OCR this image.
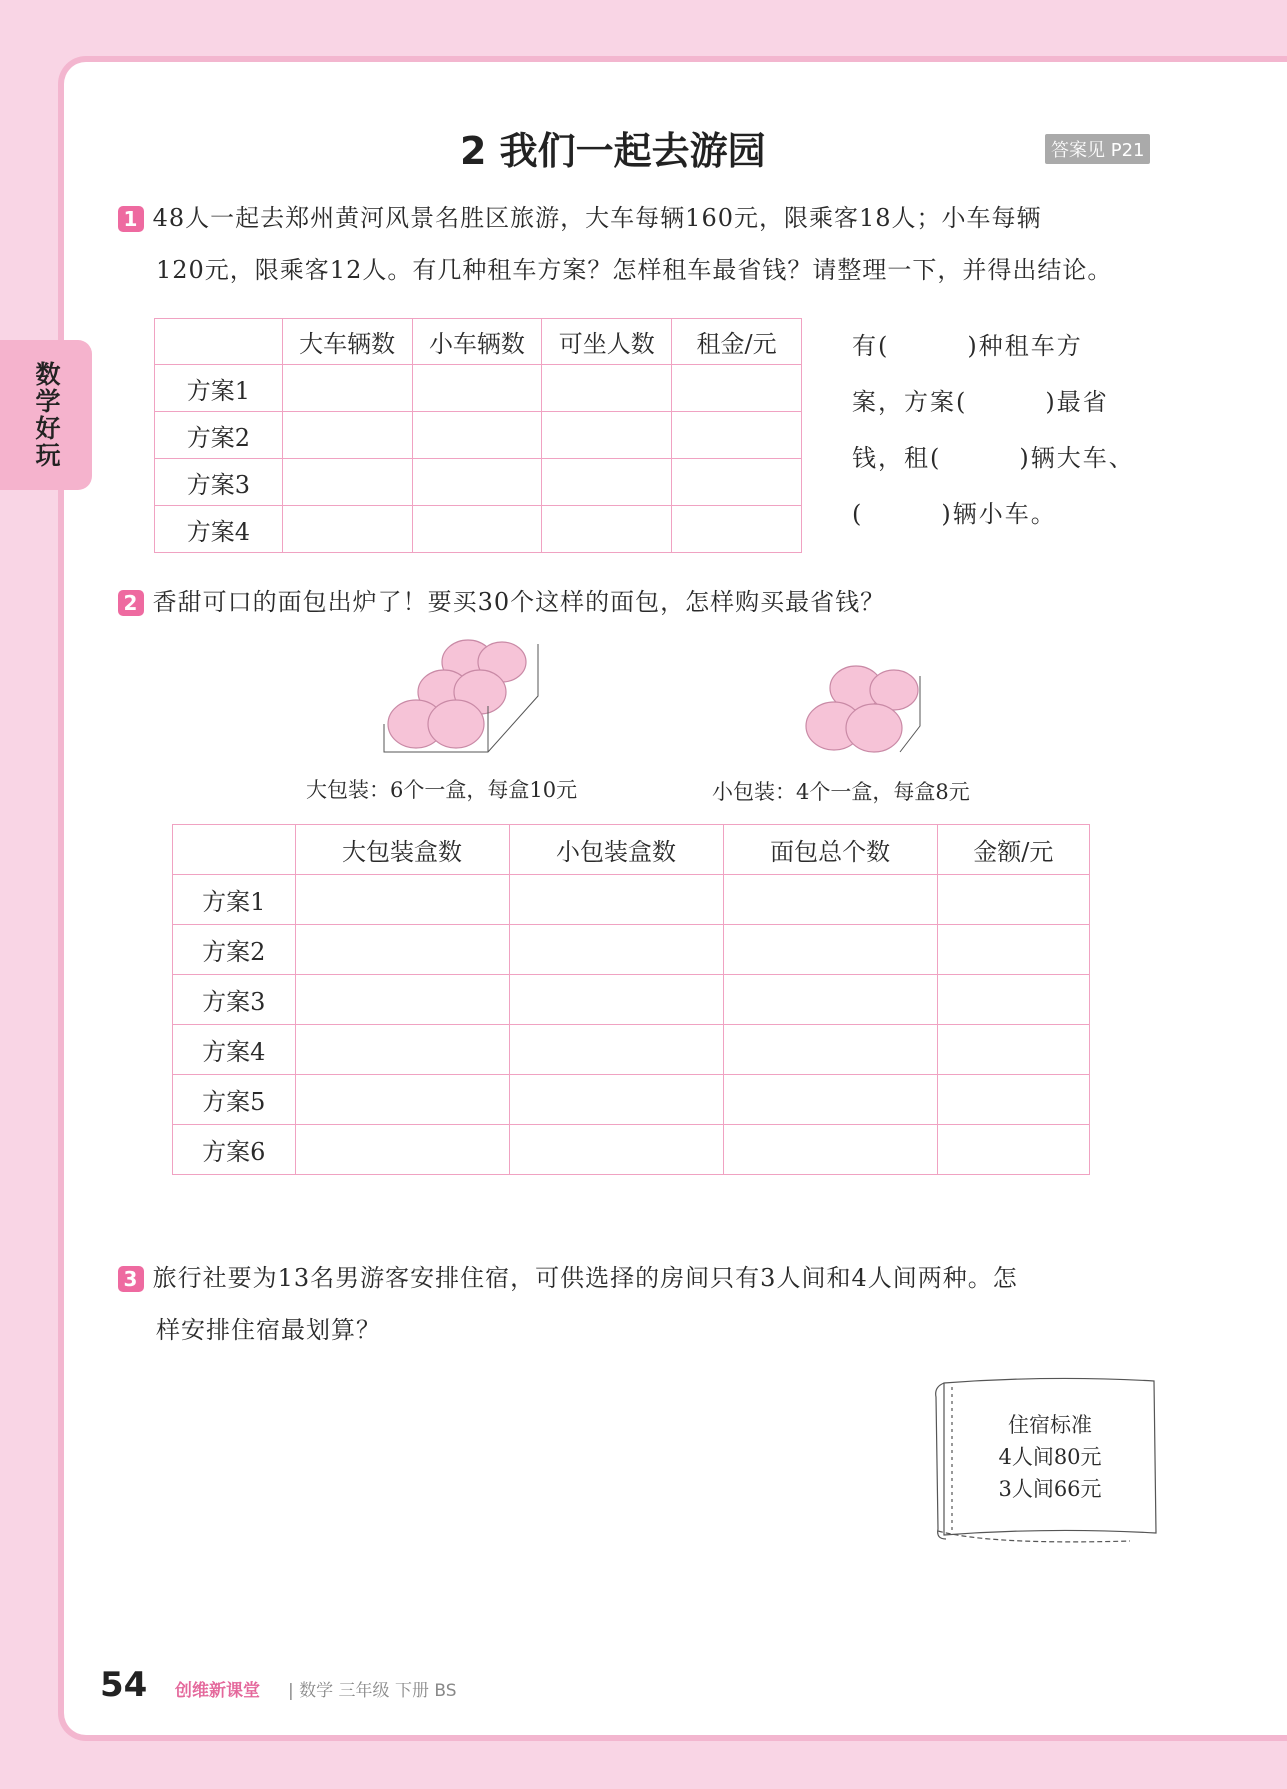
数学好玩
2 我们一起去游园	答案见 P21
1 48人一起去郑州黄河风景名胜区旅游，大车每辆160元，限乘客18人；小车每辆
120元，限乘客12人。有几种租车方案？怎样租车最省钱？请整理一下，并得出结论。
	大车辆数	小车辆数	可坐人数	租金/元
方案1				
方案2				
方案3				
方案4				
有(　　　)种租车方
案，方案(　　　)最省
钱，租(　　　)辆大车、
(　　　)辆小车。
2 香甜可口的面包出炉了！要买30个这样的面包，怎样购买最省钱？
大包装：6个一盒，每盒10元	小包装：4个一盒，每盒8元
	大包装盒数	小包装盒数	面包总个数	金额/元
方案1				
方案2				
方案3				
方案4				
方案5				
方案6				
3 旅行社要为13名男游客安排住宿，可供选择的房间只有3人间和4人间两种。怎
样安排住宿最划算？
住宿标准
4人间80元
3人间66元
54 创维新课堂 | 数学 三年级 下册 BS
